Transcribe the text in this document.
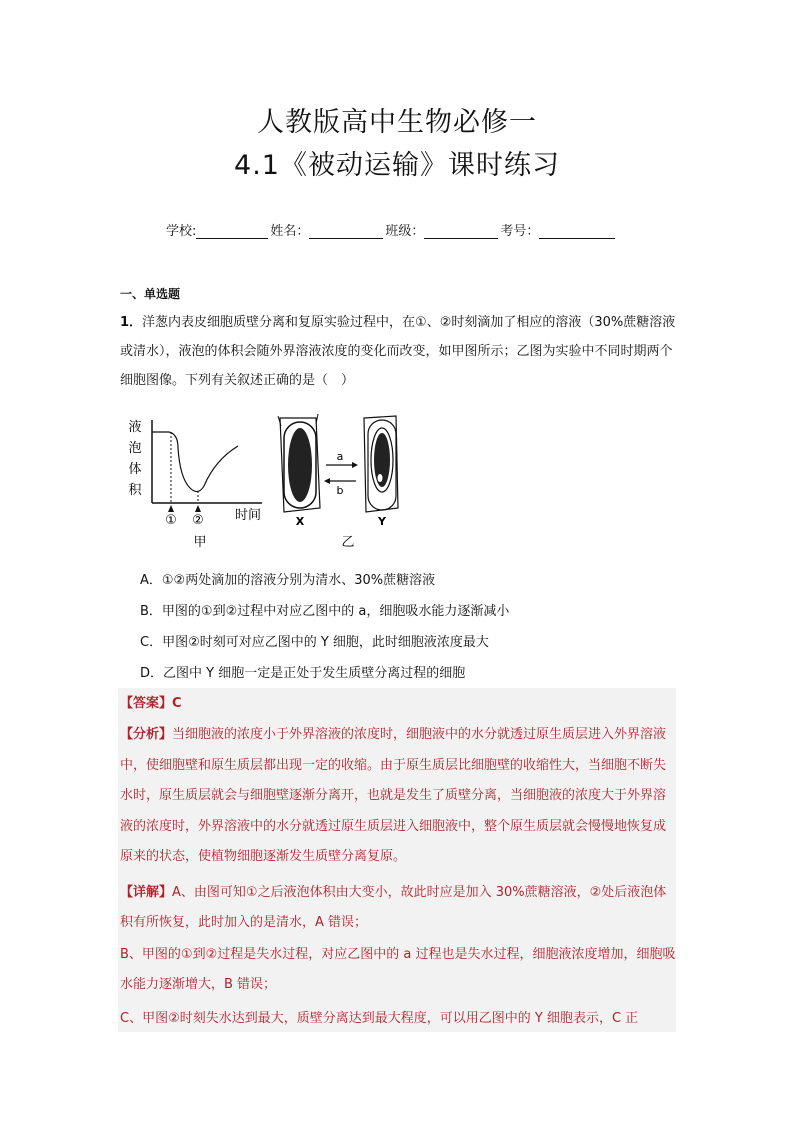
人教版高中生物必修一
4.1《被动运输》课时练习
学校:	姓名：	班级：	考号：
一、单选题
1．洋葱内表皮细胞质壁分离和复原实验过程中，在①、②时刻滴加了相应的溶液（30%蔗糖溶液或清水），液泡的体积会随外界溶液浓度的变化而改变，如甲图所示；乙图为实验中不同时期两个细胞图像。下列有关叙述正确的是（　）
液
泡
体
积
① ② 时间
甲
X
a
b
Y
乙
A．①②两处滴加的溶液分别为清水、30%蔗糖溶液
B．甲图的①到②过程中对应乙图中的 a，细胞吸水能力逐渐减小
C．甲图②时刻可对应乙图中的 Y 细胞，此时细胞液浓度最大
D．乙图中 Y 细胞一定是正处于发生质壁分离过程的细胞
【答案】C
【分析】当细胞液的浓度小于外界溶液的浓度时，细胞液中的水分就透过原生质层进入外界溶液中，使细胞壁和原生质层都出现一定的收缩。由于原生质层比细胞壁的收缩性大，当细胞不断失水时，原生质层就会与细胞壁逐渐分离开，也就是发生了质壁分离，当细胞液的浓度大于外界溶液的浓度时，外界溶液中的水分就透过原生质层进入细胞液中，整个原生质层就会慢慢地恢复成原来的状态，使植物细胞逐渐发生质壁分离复原。
【详解】A、由图可知①之后液泡体积由大变小，故此时应是加入 30%蔗糖溶液，②处后液泡体积有所恢复，此时加入的是清水，A 错误；
B、甲图的①到②过程是失水过程，对应乙图中的 a 过程也是失水过程，细胞液浓度增加，细胞吸水能力逐渐增大，B 错误；
C、甲图②时刻失水达到最大，质壁分离达到最大程度，可以用乙图中的 Y 细胞表示，C 正
